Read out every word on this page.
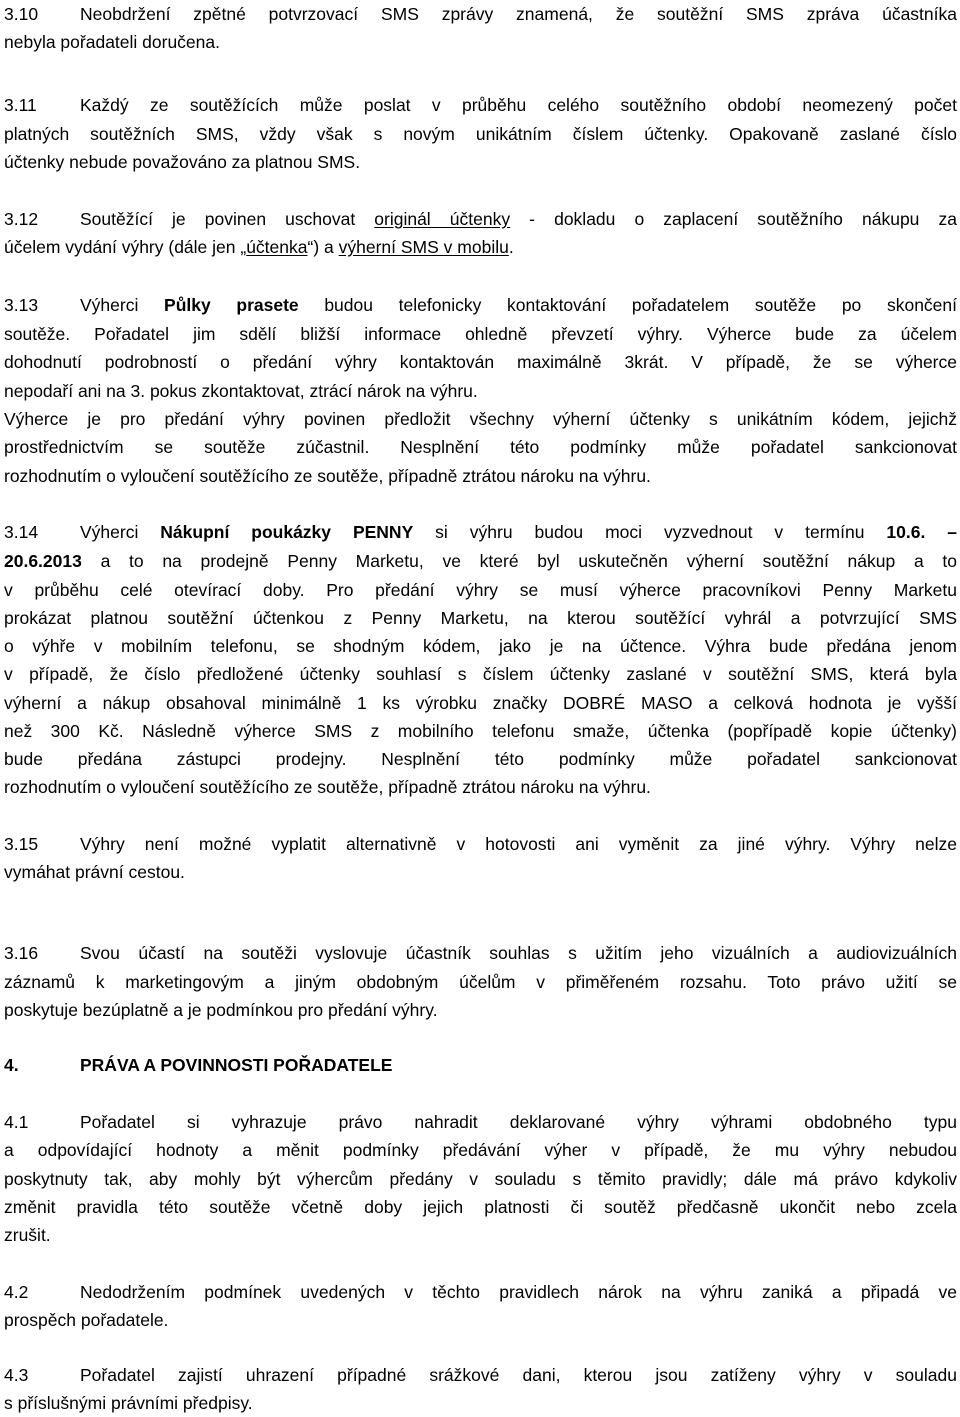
3.10 Neobdržení zpětné potvrzovací SMS zprávy znamená, že soutěžní SMS zpráva účastníka
nebyla pořadateli doručena.
3.11 Každý ze soutěžících může poslat v průběhu celého soutěžního období neomezený počet
platných soutěžních SMS, vždy však s novým unikátním číslem účtenky. Opakovaně zaslané číslo
účtenky nebude považováno za platnou SMS.
3.12 Soutěžící je povinen uschovat originál účtenky - dokladu o zaplacení soutěžního nákupu za
účelem vydání výhry (dále jen „účtenka“) a výherní SMS v mobilu.
3.13 Výherci Půlky prasete budou telefonicky kontaktování pořadatelem soutěže po skončení
soutěže. Pořadatel jim sdělí bližší informace ohledně převzetí výhry. Výherce bude za účelem
dohodnutí podrobností o předání výhry kontaktován maximálně 3krát. V případě, že se výherce
nepodaří ani na 3. pokus zkontaktovat, ztrácí nárok na výhru.
Výherce je pro předání výhry povinen předložit všechny výherní účtenky s unikátním kódem, jejichž
prostřednictvím se soutěže zúčastnil. Nesplnění této podmínky může pořadatel sankcionovat
rozhodnutím o vyloučení soutěžícího ze soutěže, případně ztrátou nároku na výhru.
3.14 Výherci Nákupní poukázky PENNY si výhru budou moci vyzvednout v termínu 10.6. –
20.6.2013 a to na prodejně Penny Marketu, ve které byl uskutečněn výherní soutěžní nákup a to
v průběhu celé otevírací doby. Pro předání výhry se musí výherce pracovníkovi Penny Marketu
prokázat platnou soutěžní účtenkou z Penny Marketu, na kterou soutěžící vyhrál a potvrzující SMS
o výhře v mobilním telefonu, se shodným kódem, jako je na účtence. Výhra bude předána jenom
v případě, že číslo předložené účtenky souhlasí s číslem účtenky zaslané v soutěžní SMS, která byla
výherní a nákup obsahoval minimálně 1 ks výrobku značky DOBRÉ MASO a celková hodnota je vyšší
než 300 Kč. Následně výherce SMS z mobilního telefonu smaže, účtenka (popřípadě kopie účtenky)
bude předána zástupci prodejny. Nesplnění této podmínky může pořadatel sankcionovat
rozhodnutím o vyloučení soutěžícího ze soutěže, případně ztrátou nároku na výhru.
3.15 Výhry není možné vyplatit alternativně v hotovosti ani vyměnit za jiné výhry. Výhry nelze
vymáhat právní cestou.
3.16 Svou účastí na soutěži vyslovuje účastník souhlas s užitím jeho vizuálních a audiovizuálních
záznamů k marketingovým a jiným obdobným účelům v přiměřeném rozsahu. Toto právo užití se
poskytuje bezúplatně a je podmínkou pro předání výhry.
4.	PRÁVA A POVINNOSTI POŘADATELE
4.1	Pořadatel si vyhrazuje právo nahradit deklarované výhry výhrami obdobného typu
a odpovídající hodnoty a měnit podmínky předávání výher v případě, že mu výhry nebudou
poskytnuty tak, aby mohly být výhercům předány v souladu s těmito pravidly; dále má právo kdykoliv
změnit pravidla této soutěže včetně doby jejich platnosti či soutěž předčasně ukončit nebo zcela
zrušit.
4.2	Nedodržením podmínek uvedených v těchto pravidlech nárok na výhru zaniká a připadá ve
prospěch pořadatele.
4.3	Pořadatel zajistí uhrazení případné srážkové dani, kterou jsou zatíženy výhry v souladu
s příslušnými právními předpisy.
